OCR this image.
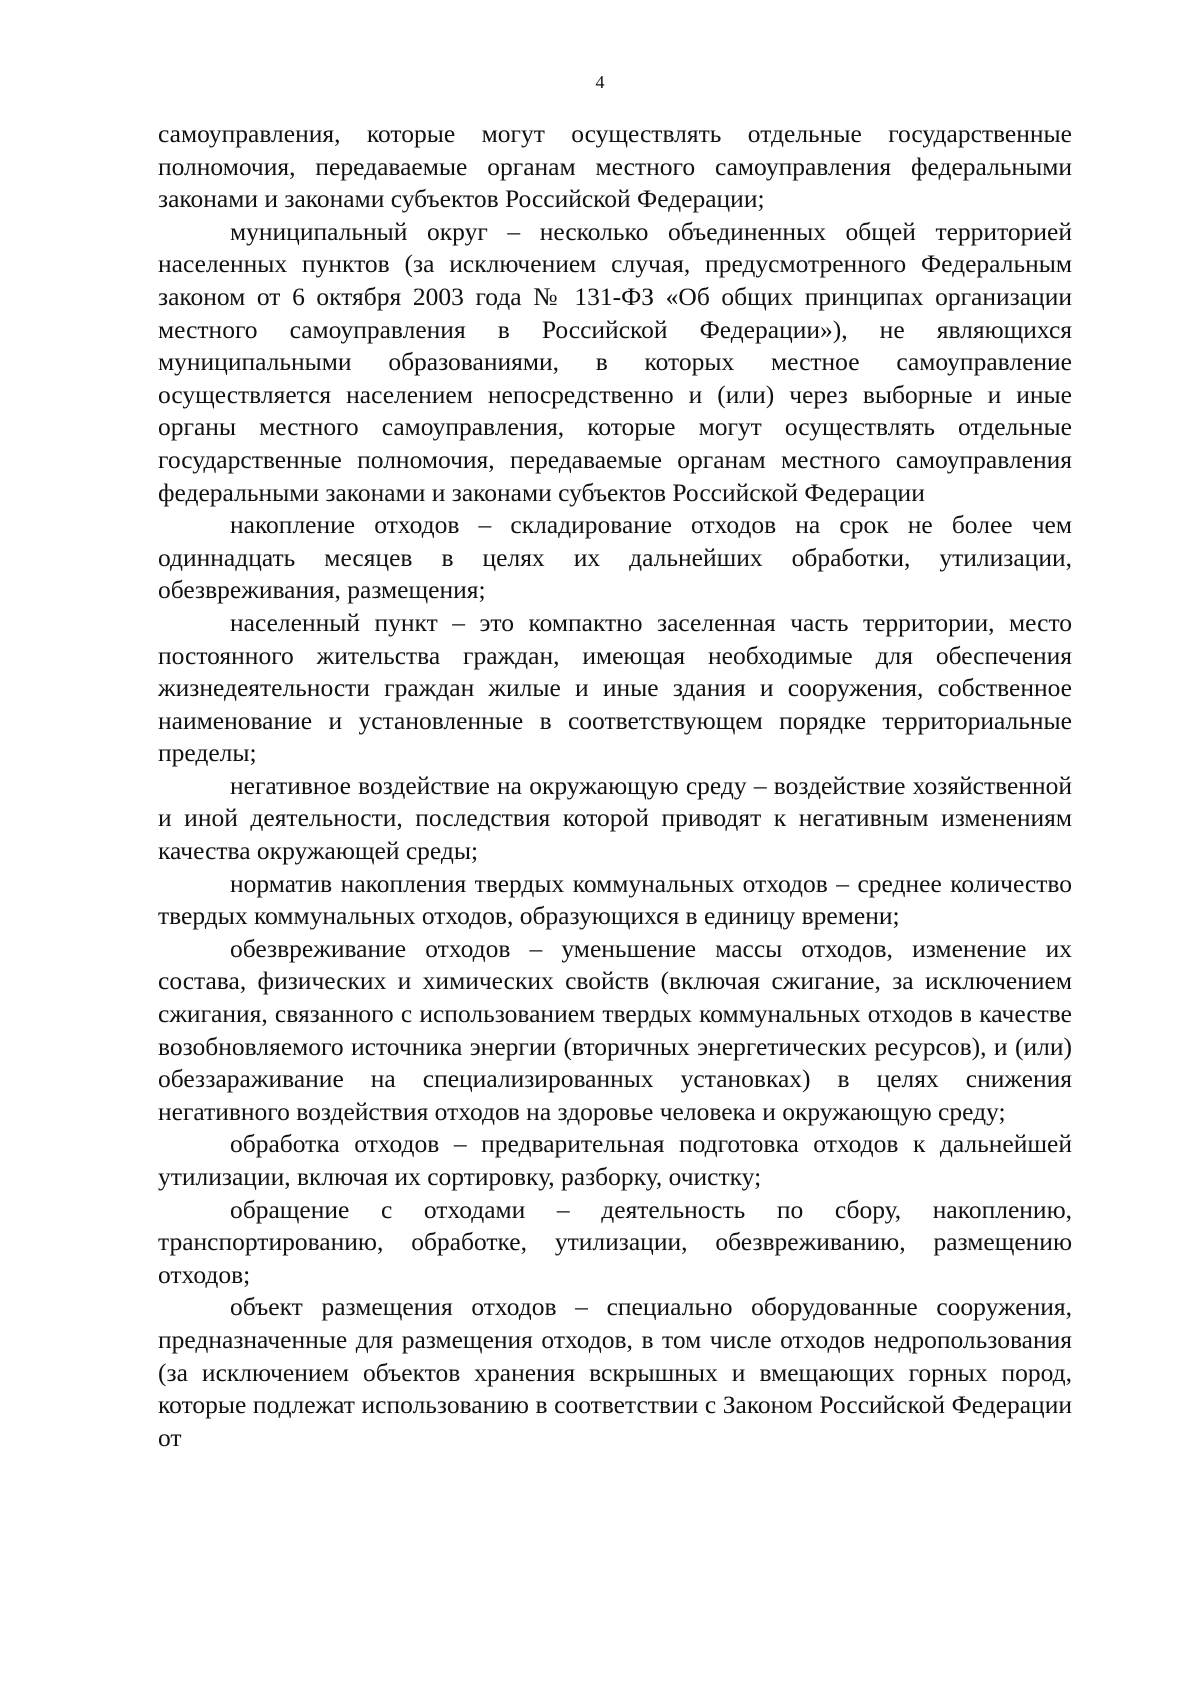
4

самоуправления, которые могут осуществлять отдельные государственные полномочия, передаваемые органам местного самоуправления федеральными законами и законами субъектов Российской Федерации;

муниципальный округ – несколько объединенных общей территорией населенных пунктов (за исключением случая, предусмотренного Федеральным законом от 6 октября 2003 года № 131-ФЗ «Об общих принципах организации местного самоуправления в Российской Федерации»), не являющихся муниципальными образованиями, в которых местное самоуправление осуществляется населением непосредственно и (или) через выборные и иные органы местного самоуправления, которые могут осуществлять отдельные государственные полномочия, передаваемые органам местного самоуправления федеральными законами и законами субъектов Российской Федерации

накопление отходов – складирование отходов на срок не более чем одиннадцать месяцев в целях их дальнейших обработки, утилизации, обезвреживания, размещения;

населенный пункт – это компактно заселенная часть территории, место постоянного жительства граждан, имеющая необходимые для обеспечения жизнедеятельности граждан жилые и иные здания и сооружения, собственное наименование и установленные в соответствующем порядке территориальные пределы;

негативное воздействие на окружающую среду – воздействие хозяйственной и иной деятельности, последствия которой приводят к негативным изменениям качества окружающей среды;

норматив накопления твердых коммунальных отходов – среднее количество твердых коммунальных отходов, образующихся в единицу времени;

обезвреживание отходов – уменьшение массы отходов, изменение их состава, физических и химических свойств (включая сжигание, за исключением сжигания, связанного с использованием твердых коммунальных отходов в качестве возобновляемого источника энергии (вторичных энергетических ресурсов), и (или) обеззараживание на специализированных установках) в целях снижения негативного воздействия отходов на здоровье человека и окружающую среду;

обработка отходов – предварительная подготовка отходов к дальнейшей утилизации, включая их сортировку, разборку, очистку;

обращение с отходами – деятельность по сбору, накоплению, транспортированию, обработке, утилизации, обезвреживанию, размещению отходов;

объект размещения отходов – специально оборудованные сооружения, предназначенные для размещения отходов, в том числе отходов недропользования (за исключением объектов хранения вскрышных и вмещающих горных пород, которые подлежат использованию в соответствии с Законом Российской Федерации от
